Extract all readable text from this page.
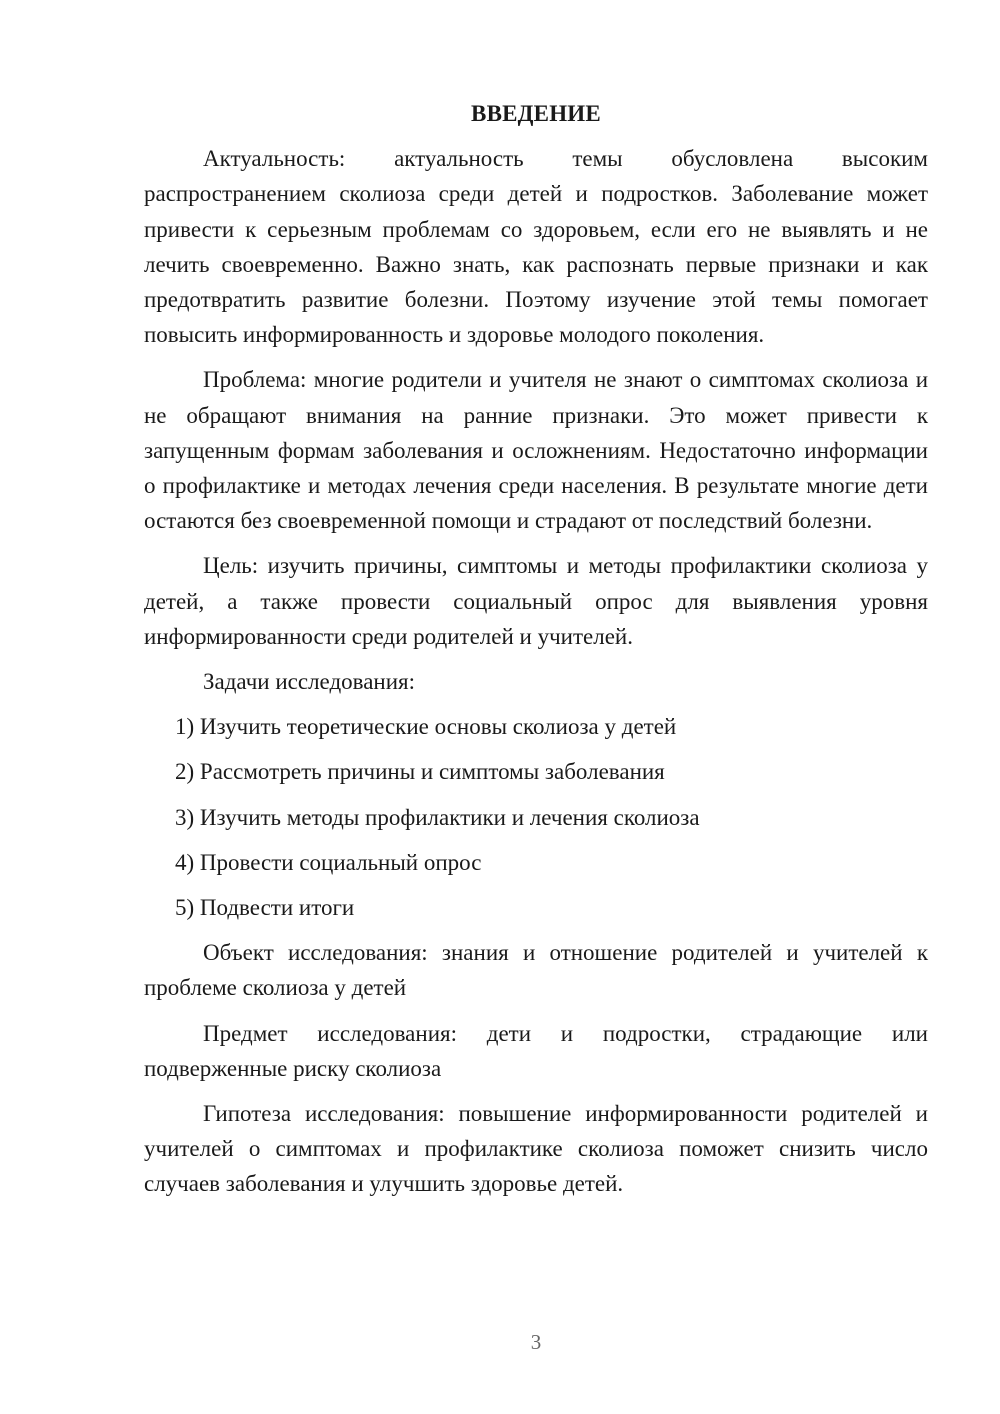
ВВЕДЕНИЕ

Актуальность: актуальность темы обусловлена высоким распространением сколиоза среди детей и подростков. Заболевание может привести к серьезным проблемам со здоровьем, если его не выявлять и не лечить своевременно. Важно знать, как распознать первые признаки и как предотвратить развитие болезни. Поэтому изучение этой темы помогает повысить информированность и здоровье молодого поколения.

Проблема: многие родители и учителя не знают о симптомах сколиоза и не обращают внимания на ранние признаки. Это может привести к запущенным формам заболевания и осложнениям. Недостаточно информации о профилактике и методах лечения среди населения. В результате многие дети остаются без своевременной помощи и страдают от последствий болезни.

Цель: изучить причины, симптомы и методы профилактики сколиоза у детей, а также провести социальный опрос для выявления уровня информированности среди родителей и учителей.

Задачи исследования:

1) Изучить теоретические основы сколиоза у детей
2) Рассмотреть причины и симптомы заболевания
3) Изучить методы профилактики и лечения сколиоза
4) Провести социальный опрос
5) Подвести итоги

Объект исследования: знания и отношение родителей и учителей к проблеме сколиоза у детей

Предмет исследования: дети и подростки, страдающие или подверженные риску сколиоза

Гипотеза исследования: повышение информированности родителей и учителей о симптомах и профилактике сколиоза поможет снизить число случаев заболевания и улучшить здоровье детей.

3
